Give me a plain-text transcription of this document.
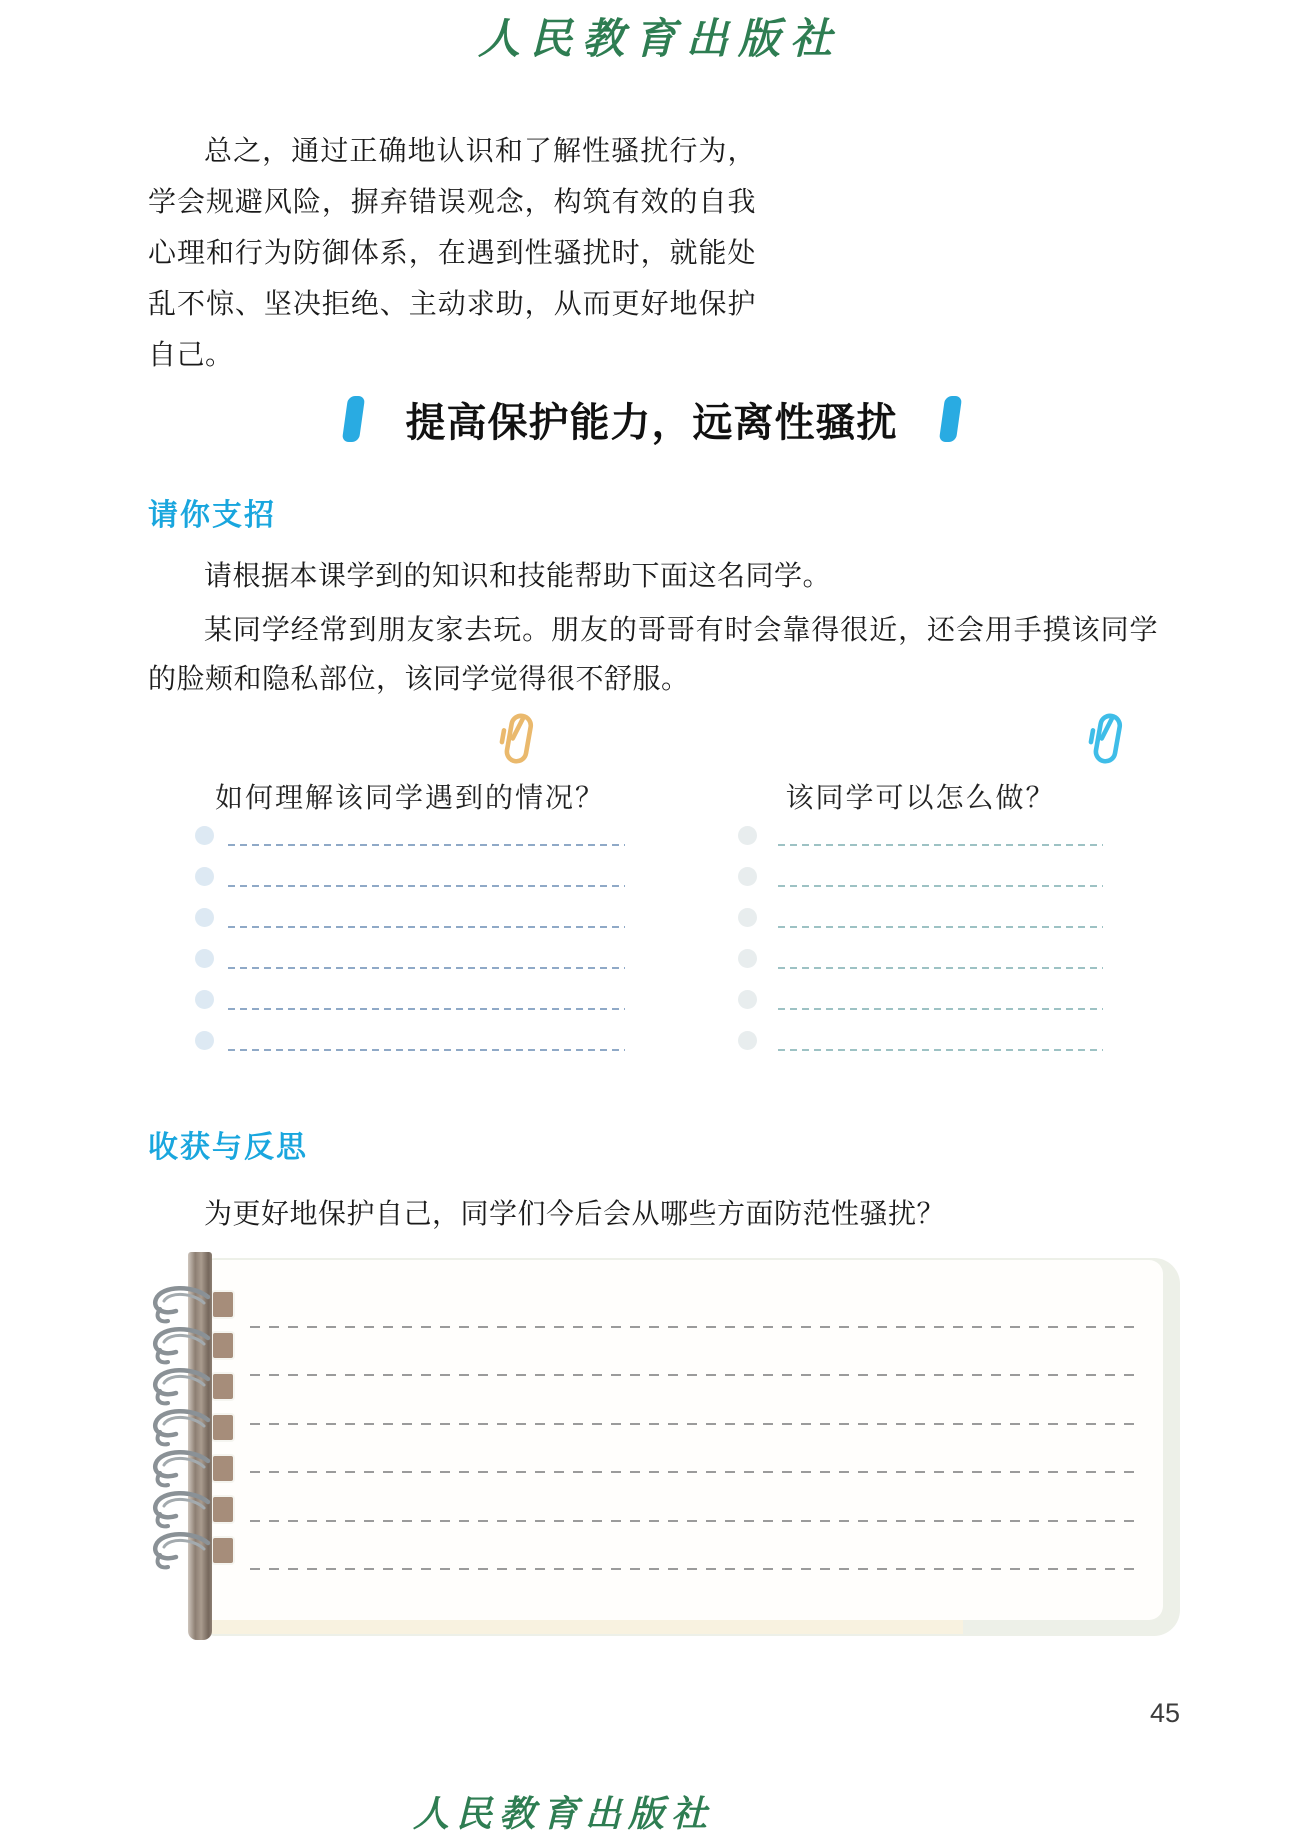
人民教育出版社
总之，通过正确地认识和了解性骚扰行为，学会规避风险，摒弃错误观念，构筑有效的自我心理和行为防御体系，在遇到性骚扰时，就能处乱不惊、坚决拒绝、主动求助，从而更好地保护自己。
提高保护能力，远离性骚扰
请你支招
请根据本课学到的知识和技能帮助下面这名同学。
某同学经常到朋友家去玩。朋友的哥哥有时会靠得很近，还会用手摸该同学的脸颊和隐私部位，该同学觉得很不舒服。
如何理解该同学遇到的情况？	该同学可以怎么做？
收获与反思
为更好地保护自己，同学们今后会从哪些方面防范性骚扰？
45
人民教育出版社
